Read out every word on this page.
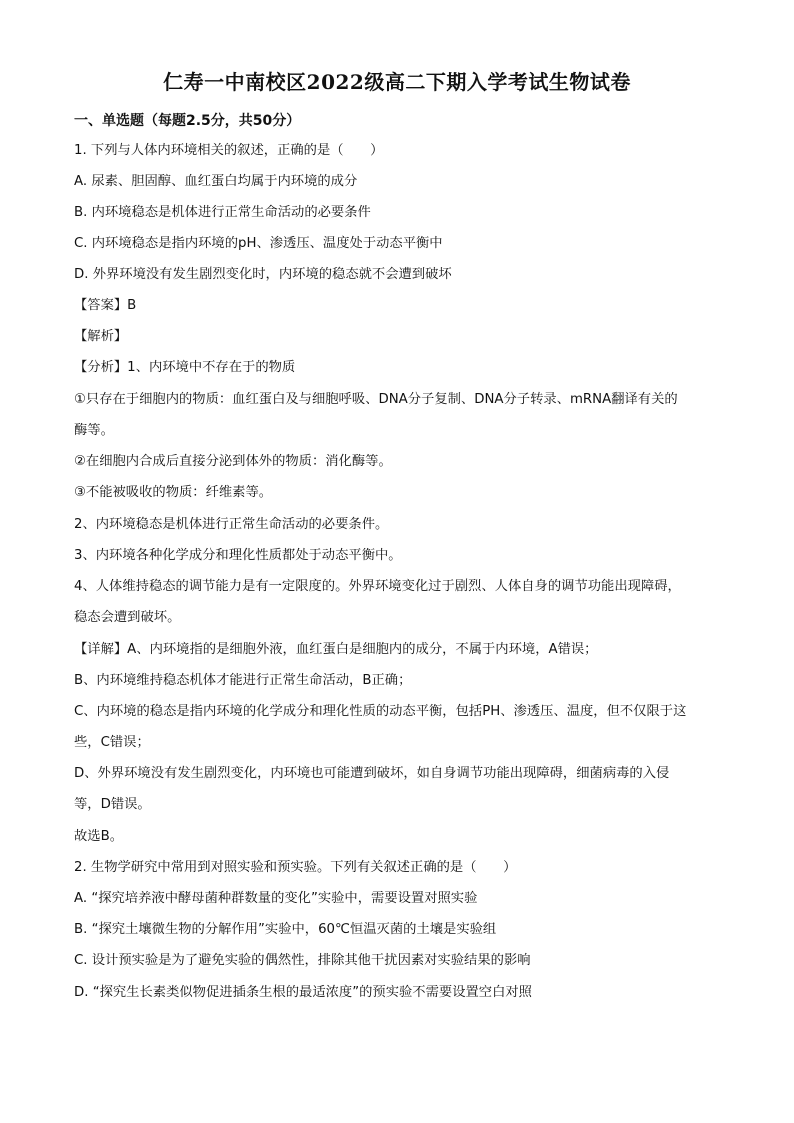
仁寿一中南校区2022级高二下期入学考试生物试卷
一、单选题（每题2.5分，共50分）
1. 下列与人体内环境相关的叙述，正确的是（　　）
A. 尿素、胆固醇、血红蛋白均属于内环境的成分
B. 内环境稳态是机体进行正常生命活动的必要条件
C. 内环境稳态是指内环境的pH、渗透压、温度处于动态平衡中
D. 外界环境没有发生剧烈变化时，内环境的稳态就不会遭到破坏
【答案】B
【解析】
【分析】1、内环境中不存在于的物质
①只存在于细胞内的物质：血红蛋白及与细胞呼吸、DNA分子复制、DNA分子转录、mRNA翻译有关的
酶等。
②在细胞内合成后直接分泌到体外的物质：消化酶等。
③不能被吸收的物质：纤维素等。
2、内环境稳态是机体进行正常生命活动的必要条件。
3、内环境各种化学成分和理化性质都处于动态平衡中。
4、人体维持稳态的调节能力是有一定限度的。外界环境变化过于剧烈、人体自身的调节功能出现障碍，
稳态会遭到破坏。
【详解】A、内环境指的是细胞外液，血红蛋白是细胞内的成分，不属于内环境，A错误；
B、内环境维持稳态机体才能进行正常生命活动，B正确；
C、内环境的稳态是指内环境的化学成分和理化性质的动态平衡，包括PH、渗透压、温度，但不仅限于这
些，C错误；
D、外界环境没有发生剧烈变化，内环境也可能遭到破坏，如自身调节功能出现障碍，细菌病毒的入侵
等，D错误。
故选B。
2. 生物学研究中常用到对照实验和预实验。下列有关叙述正确的是（　　）
A. “探究培养液中酵母菌种群数量的变化”实验中，需要设置对照实验
B. “探究土壤微生物的分解作用”实验中，60℃恒温灭菌的土壤是实验组
C. 设计预实验是为了避免实验的偶然性，排除其他干扰因素对实验结果的影响
D. “探究生长素类似物促进插条生根的最适浓度”的预实验不需要设置空白对照
